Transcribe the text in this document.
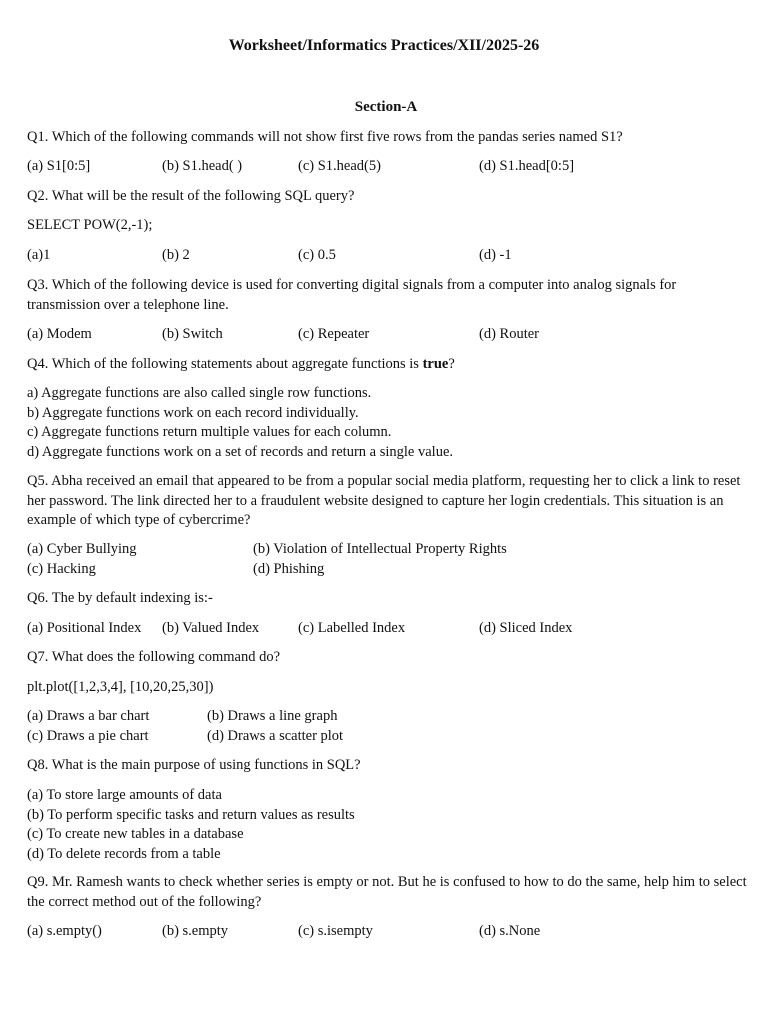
Worksheet/Informatics Practices/XII/2025-26
Section-A
Q1. Which of the following commands will not show first five rows from the pandas series named S1?
(a) S1[0:5]	(b) S1.head( )	(c) S1.head(5)	(d) S1.head[0:5]
Q2. What will be the result of the following SQL query?
SELECT POW(2,-1);
(a)1	(b) 2	(c) 0.5	(d) -1
Q3. Which of the following device is used for converting digital signals from a computer into analog signals for transmission over a telephone line.
(a) Modem	(b) Switch	(c) Repeater	(d) Router
Q4. Which of the following statements about aggregate functions is true?
a) Aggregate functions are also called single row functions.
b) Aggregate functions work on each record individually.
c) Aggregate functions return multiple values for each column.
d) Aggregate functions work on a set of records and return a single value.
Q5. Abha received an email that appeared to be from a popular social media platform, requesting her to click a link to reset her password. The link directed her to a fraudulent website designed to capture her login credentials. This situation is an example of which type of cybercrime?
(a) Cyber Bullying	(b) Violation of Intellectual Property Rights
(c) Hacking	(d) Phishing
Q6. The by default indexing is:-
(a) Positional Index (b) Valued Index	(c) Labelled Index	(d) Sliced Index
Q7. What does the following command do?
plt.plot([1,2,3,4], [10,20,25,30])
(a) Draws a bar chart	(b) Draws a line graph
(c) Draws a pie chart	(d) Draws a scatter plot
Q8. What is the main purpose of using functions in SQL?
(a) To store large amounts of data
(b) To perform specific tasks and return values as results
(c) To create new tables in a database
(d) To delete records from a table
Q9. Mr. Ramesh wants to check whether series is empty or not. But he is confused to how to do the same, help him to select the correct method out of the following?
(a) s.empty()	(b) s.empty	(c) s.isempty	(d) s.None
